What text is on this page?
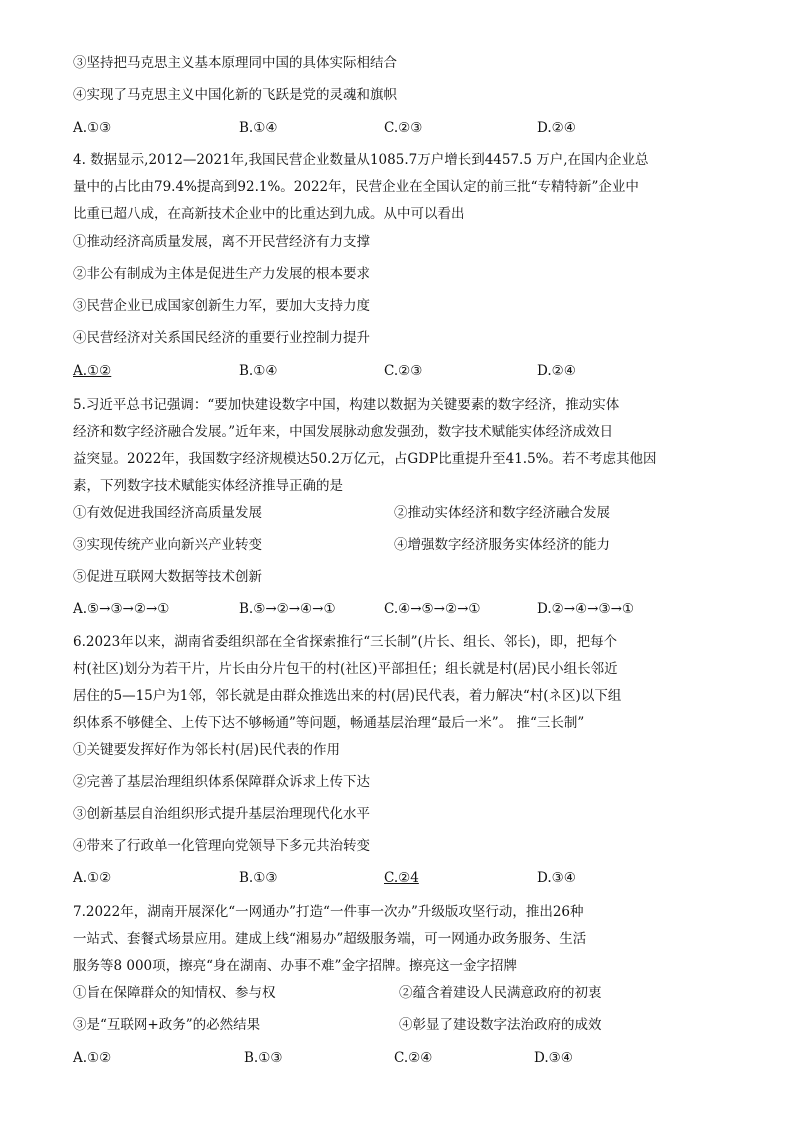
③坚持把马克思主义基本原理同中国的具体实际相结合
④实现了马克思主义中国化新的飞跃是党的灵魂和旗帜
A.①③	B.①④	C.②③	D.②④
4. 数据显示,2012—2021年,我国民营企业数量从1085.7万户增长到4457.5 万户,在国内企业总
量中的占比由79.4%提高到92.1%。2022年，民营企业在全国认定的前三批“专精特新”企业中
比重已超八成，在高新技术企业中的比重达到九成。从中可以看出
①推动经济高质量发展，离不开民营经济有力支撑
②非公有制成为主体是促进生产力发展的根本要求
③民营企业已成国家创新生力军，要加大支持力度
④民营经济对关系国民经济的重要行业控制力提升
A.①②	B.①④	C.②③	D.②④
5.习近平总书记强调：“要加快建设数字中国，构建以数据为关键要素的数字经济，推动实体
经济和数字经济融合发展。”近年来，中国发展脉动愈发强劲，数字技术赋能实体经济成效日
益突显。2022年，我国数字经济规模达50.2万亿元，占GDP比重提升至41.5%。若不考虑其他因
素，下列数字技术赋能实体经济推导正确的是
①有效促进我国经济高质量发展	②推动实体经济和数字经济融合发展
③实现传统产业向新兴产业转变	④增强数字经济服务实体经济的能力
⑤促进互联网大数据等技术创新
A.⑤→③→②→①	B.⑤→②→④→①	C.④→⑤→②→①	D.②→④→③→①
6.2023年以来，湖南省委组织部在全省探索推行“三长制”(片长、组长、邻长)，即，把每个
村(社区)划分为若干片，片长由分片包干的村(社区)平部担任；组长就是村(居)民小组长邻近
居住的5—15户为1邻，邻长就是由群众推选出来的村(居)民代表，着力解决“村(ネ区)以下组
织体系不够健全、上传下达不够畅通”等问题，畅通基层治理“最后一米”。 推“三长制”
①关键要发挥好作为邻长村(居)民代表的作用
②完善了基层治理组织体系保障群众诉求上传下达
③创新基层自治组织形式提升基层治理现代化水平
④带来了行政单一化管理向党领导下多元共治转变
A.①②	B.①③	C.②4	D.③④
7.2022年，湖南开展深化“一网通办”打造“一件事一次办”升级版攻坚行动，推出26种
一站式、套餐式场景应用。建成上线“湘易办”超级服务端，可一网通办政务服务、生活
服务等8 000项，擦亮“身在湖南、办事不难”金字招牌。擦亮这一金字招牌
①旨在保障群众的知情权、参与权	②蕴含着建设人民满意政府的初衷
③是“互联网+政务”的必然结果	④彰显了建设数字法治政府的成效
A.①②	B.①③	C.②④	D.③④
